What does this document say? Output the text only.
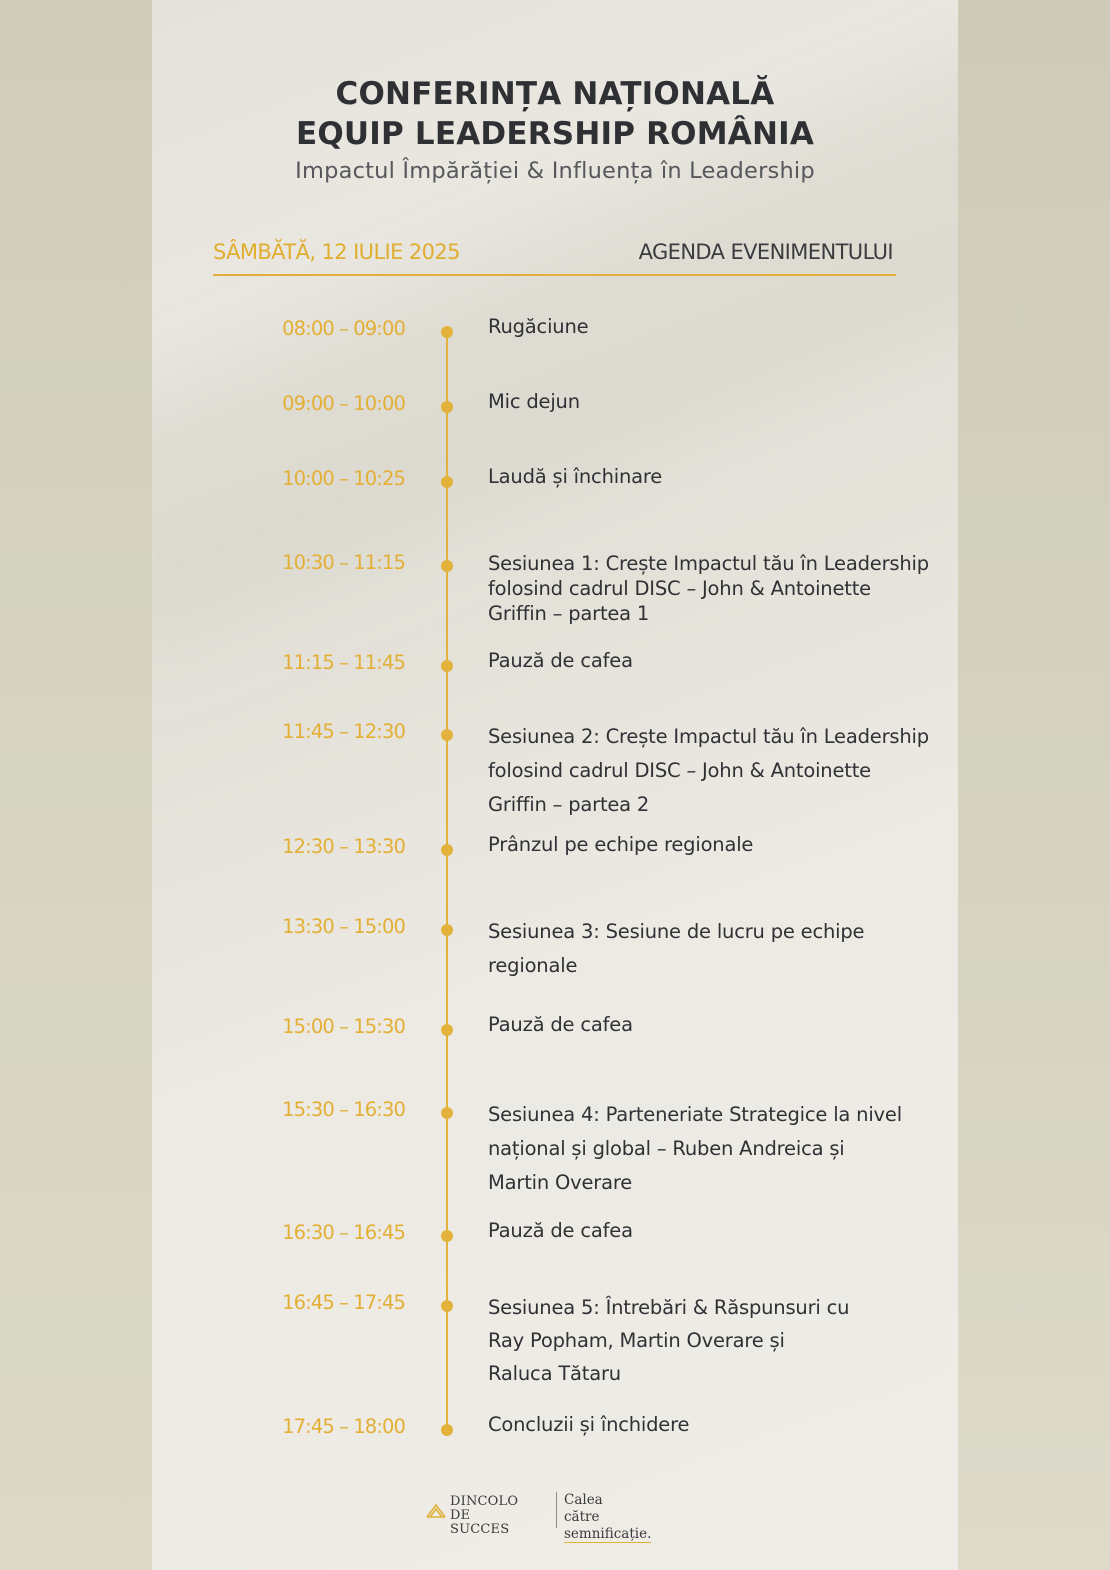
CONFERINȚA NAȚIONALĂ
EQUIP LEADERSHIP ROMÂNIA
Impactul Împărăției & Influența în Leadership
SÂMBĂTĂ, 12 IULIE 2025	AGENDA EVENIMENTULUI
08:00 – 09:00	Rugăciune
09:00 – 10:00	Mic dejun
10:00 – 10:25	Laudă și închinare
10:30 – 11:15	Sesiunea 1: Crește Impactul tău în Leadership
folosind cadrul DISC – John & Antoinette
Griffin – partea 1
11:15 – 11:45	Pauză de cafea
11:45 – 12:30	Sesiunea 2: Crește Impactul tău în Leadership
folosind cadrul DISC – John & Antoinette
Griffin – partea 2
12:30 – 13:30	Prânzul pe echipe regionale
13:30 – 15:00	Sesiunea 3: Sesiune de lucru pe echipe
regionale
15:00 – 15:30	Pauză de cafea
15:30 – 16:30	Sesiunea 4: Parteneriate Strategice la nivel
național și global – Ruben Andreica și
Martin Overare
16:30 – 16:45	Pauză de cafea
16:45 – 17:45	Sesiunea 5: Întrebări & Răspunsuri cu
Ray Popham, Martin Overare și
Raluca Tătaru
17:45 – 18:00	Concluzii și închidere
DINCOLO DE
SUCCES
Calea
către semnificație.
